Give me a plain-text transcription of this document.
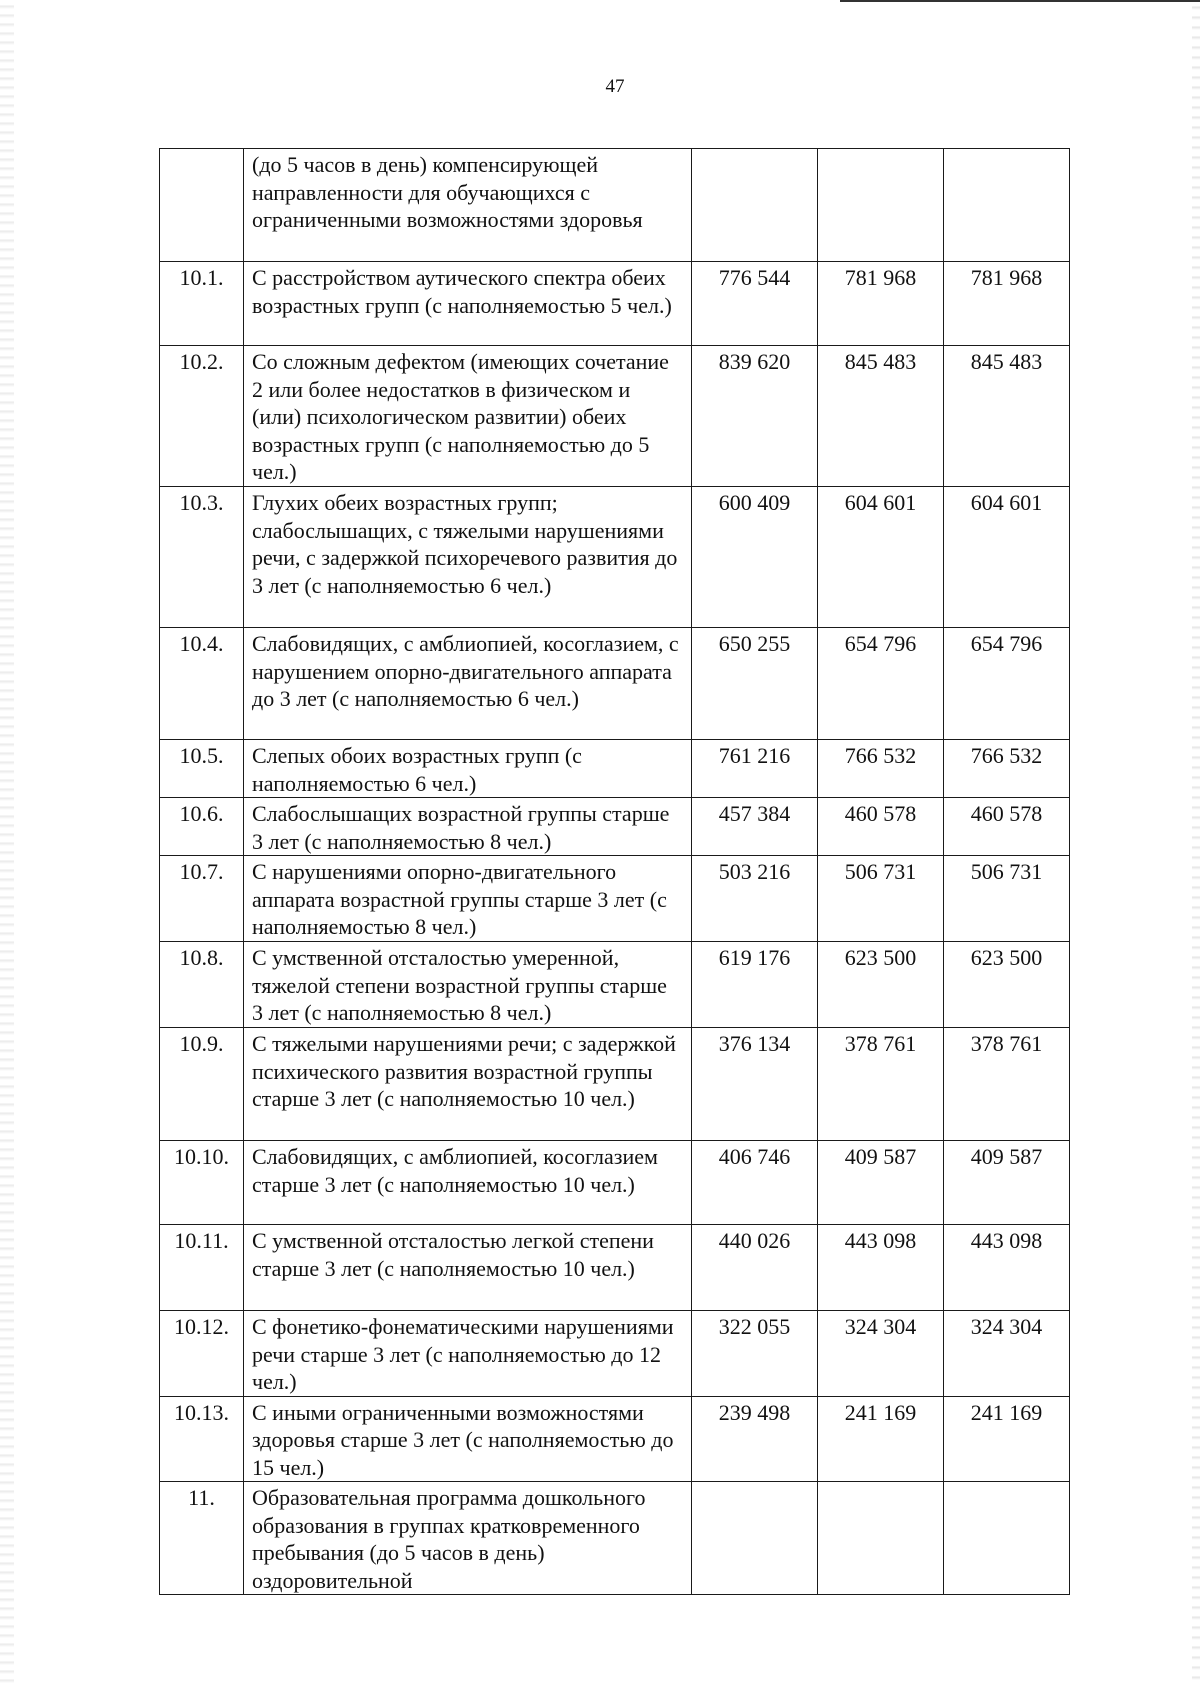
47
	(до 5 часов в день) компенсирующей направленности для обучающихся с ограниченными возможностями здоровья			
10.1.	С расстройством аутического спектра обеих возрастных групп (с наполняемостью 5 чел.)	776 544	781 968	781 968
10.2.	Со сложным дефектом (имеющих сочетание 2 или более недостатков в физическом и (или) психологическом развитии) обеих возрастных групп (с наполняемостью до 5 чел.)	839 620	845 483	845 483
10.3.	Глухих обеих возрастных групп; слабослышащих, с тяжелыми нарушениями речи, с задержкой психоречевого развития до 3 лет (с наполняемостью 6 чел.)	600 409	604 601	604 601
10.4.	Слабовидящих, с амблиопией, косоглазием, с нарушением опорно-двигательного аппарата до 3 лет (с наполняемостью 6 чел.)	650 255	654 796	654 796
10.5.	Слепых обоих возрастных групп (с наполняемостью 6 чел.)	761 216	766 532	766 532
10.6.	Слабослышащих возрастной группы старше 3 лет (с наполняемостью 8 чел.)	457 384	460 578	460 578
10.7.	С нарушениями опорно-двигательного аппарата возрастной группы старше 3 лет (с наполняемостью 8 чел.)	503 216	506 731	506 731
10.8.	С умственной отсталостью умеренной, тяжелой степени возрастной группы старше 3 лет (с наполняемостью 8 чел.)	619 176	623 500	623 500
10.9.	С тяжелыми нарушениями речи; с задержкой психического развития возрастной группы старше 3 лет (с наполняемостью 10 чел.)	376 134	378 761	378 761
10.10.	Слабовидящих, с амблиопией, косоглазием старше 3 лет (с наполняемостью 10 чел.)	406 746	409 587	409 587
10.11.	С умственной отсталостью легкой степени старше 3 лет (с наполняемостью 10 чел.)	440 026	443 098	443 098
10.12.	С фонетико-фонематическими нарушениями речи старше 3 лет (с наполняемостью до 12 чел.)	322 055	324 304	324 304
10.13.	С иными ограниченными возможностями здоровья старше 3 лет (с наполняемостью до 15 чел.)	239 498	241 169	241 169
11.	Образовательная программа дошкольного образования в группах кратковременного пребывания (до 5 часов в день) оздоровительной			
